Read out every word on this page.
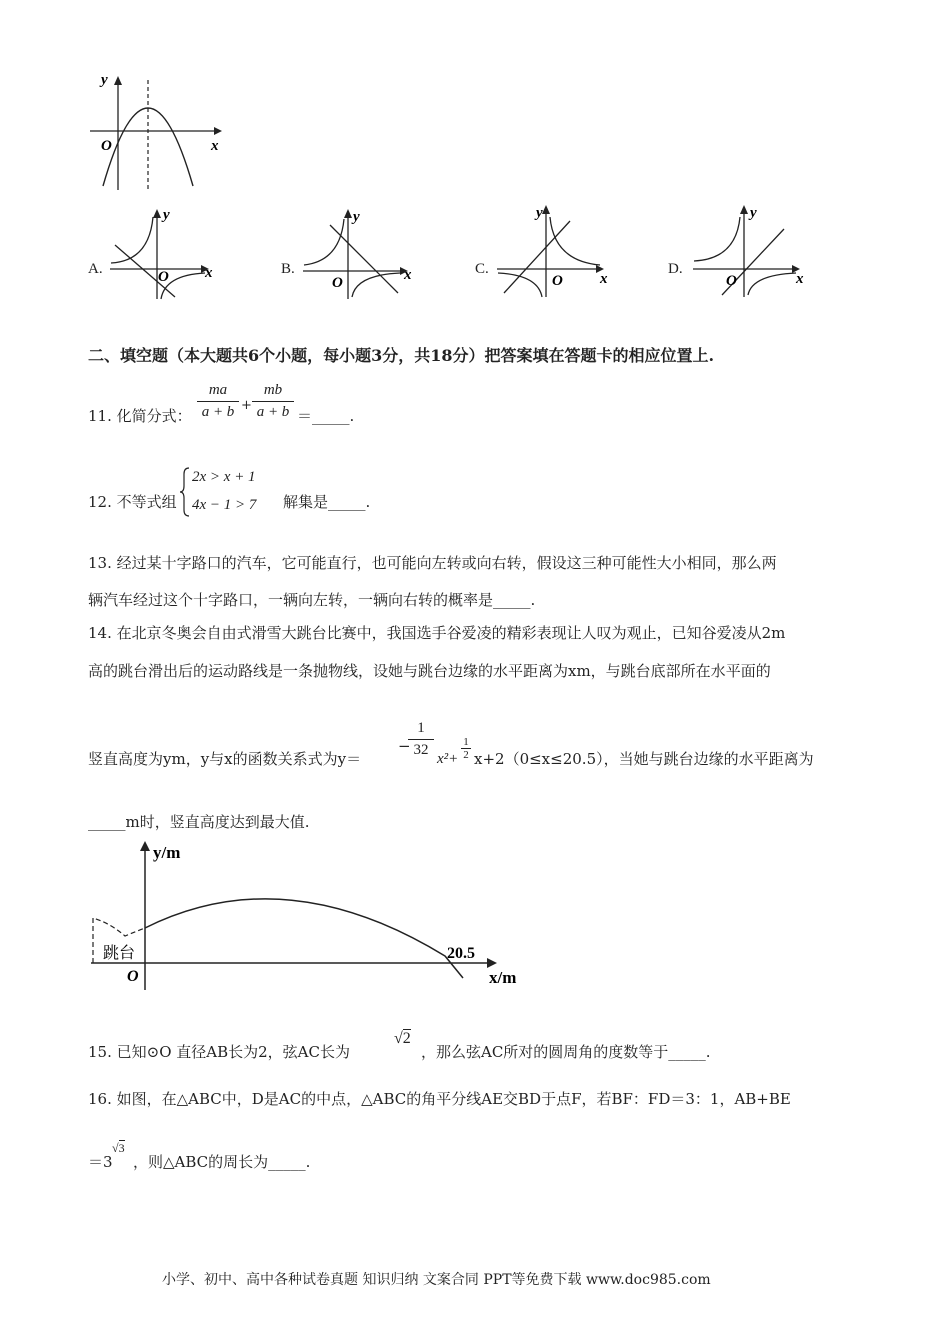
y
x
O
A.
y
x
O	B.
y
x
O
C.
y
x
O
D.
y
x
O
二、填空题（本大题共6个小题，每小题3分，共18分）把答案填在答题卡的相应位置上.
11. 化简分式：
ma
a + b +
mb
a + b ＝_____.
12. 不等式组
2x > x + 1
4x − 1 > 7 解集是_____.
13. 经过某十字路口的汽车，它可能直行，也可能向左转或向右转，假设这三种可能性大小相同，那么两
辆汽车经过这个十字路口，一辆向左转，一辆向右转的概率是_____.
14. 在北京冬奥会自由式滑雪大跳台比赛中，我国选手谷爱凌的精彩表现让人叹为观止，已知谷爱凌从2m
高的跳台滑出后的运动路线是一条抛物线，设她与跳台边缘的水平距离为xm，与跳台底部所在水平面的
竖直高度为ym，y与x的函数关系式为y＝
−
1
32
x²+
1
2 x+2（0≤x≤20.5），当她与跳台边缘的水平距离为
_____m时，竖直高度达到最大值.
y/m
x/m
O
跳台	20.5
15. 已知⊙O 直径AB长为2，弦AC长为
√2
，那么弦AC所对的圆周角的度数等于_____.
16. 如图，在△ABC中，D是AC的中点，△ABC的角平分线AE交BD于点F，若BF：FD＝3：1，AB+BE
＝3
√3
，则△ABC的周长为_____.
小学、初中、高中各种试卷真题 知识归纳 文案合同 PPT等免费下载 www.doc985.com
